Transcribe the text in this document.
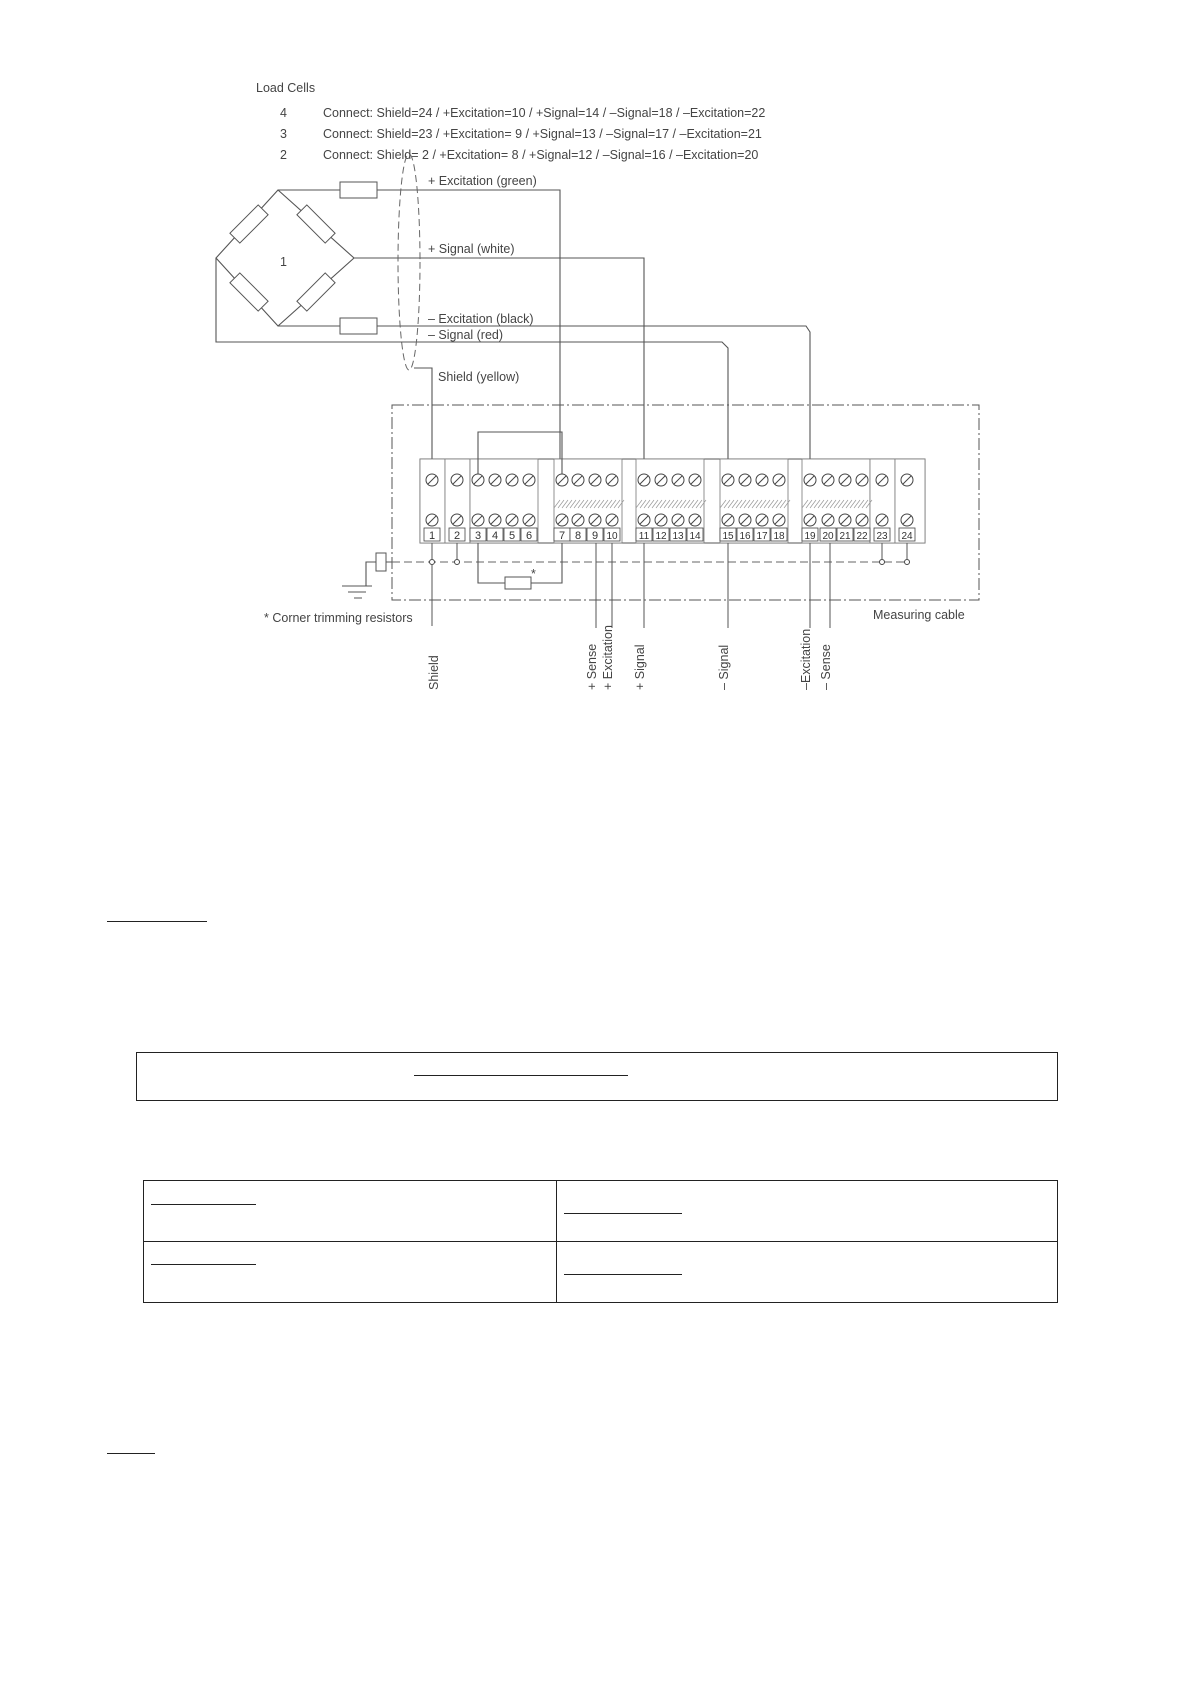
Load Cells
4	Connect: Shield=24 / +Excitation=10 / +Signal=14 / –Signal=18 / –Excitation=22
3	Connect: Shield=23 / +Excitation= 9 / +Signal=13 / –Signal=17 / –Excitation=21
2	Connect: Shield= 2 / +Excitation= 8 / +Signal=12 / –Signal=16 / –Excitation=20
1
+ Excitation (green)
+ Signal (white)
– Excitation (black)
– Signal (red)
Shield (yellow)
1 2 3 4 5 6 7 8 9 10 11 12 13 14 15 16 17 18 19 20 21 22 23 24
*
* Corner trimming resistors	Measuring cable
Shield	+ Sense + Excitation + Signal	– Signal	–Excitation – Sense
